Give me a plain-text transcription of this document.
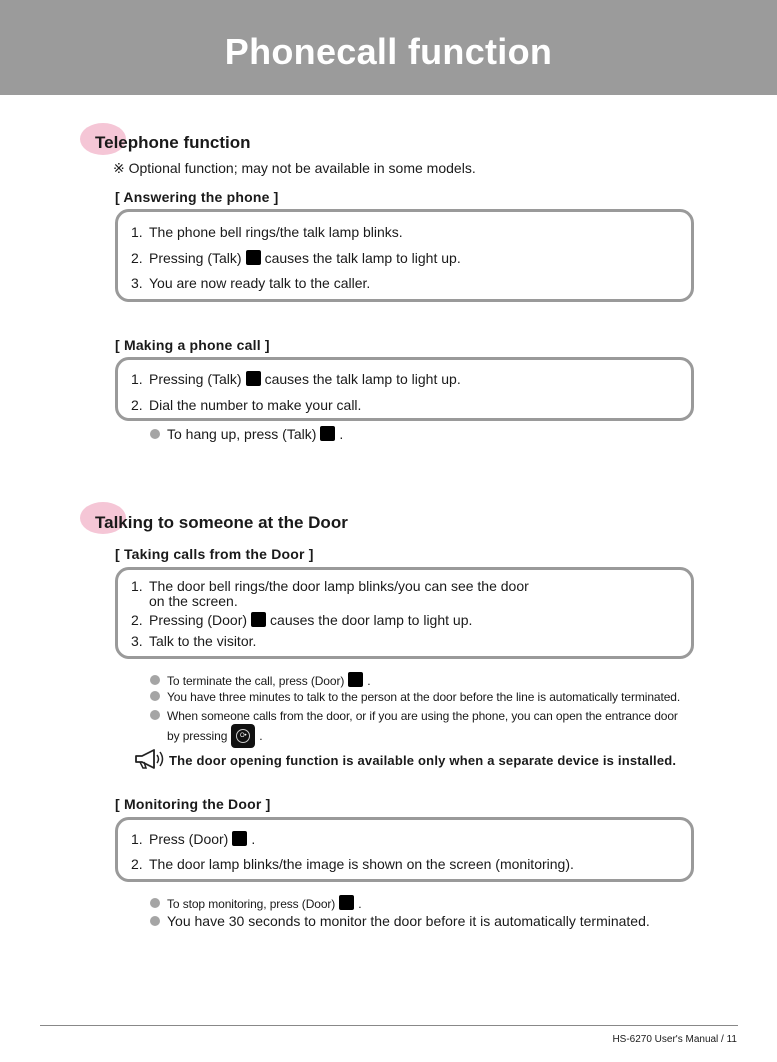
Phonecall function
Telephone function
※ Optional function; may not be available in some models.
[ Answering the phone ]
1. The phone bell rings/the talk lamp blinks.
2. Pressing (Talk) causes the talk lamp to light up.
3. You are now ready talk to the caller.
[ Making a phone call ]
1. Pressing (Talk) causes the talk lamp to light up.
2. Dial the number to make your call.
To hang up, press (Talk) .
Talking to someone at the Door
[ Taking calls from the Door ]
1. The door bell rings/the door lamp blinks/you can see the door
on the screen.
2. Pressing (Door) causes the door lamp to light up.
3. Talk to the visitor.
To terminate the call, press (Door) .
You have three minutes to talk to the person at the door before the line is automatically terminated.
When someone calls from the door, or if you are using the phone, you can open the entrance door
by pressing	O•	.
The door opening function is available only when a separate device is installed.
[ Monitoring the Door ]
1. Press (Door) .
2. The door lamp blinks/the image is shown on the screen (monitoring).
To stop monitoring, press (Door) .
You have 30 seconds to monitor the door before it is automatically terminated.
HS-6270 User's Manual / 11
